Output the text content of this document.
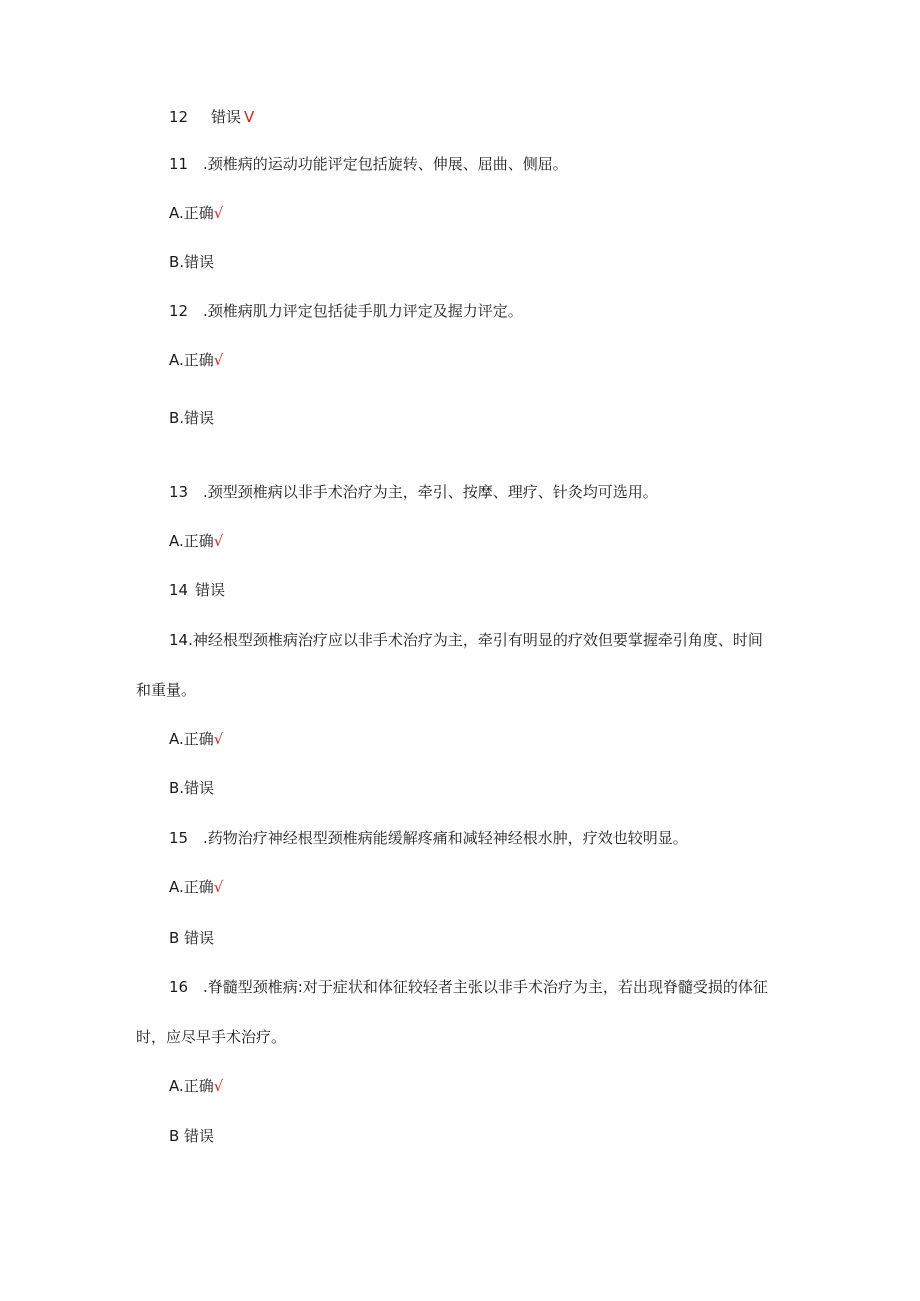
12 错误 V
11 .颈椎病的运动功能评定包括旋转、伸展、屈曲、侧屈。
A.正确√
B.错误
12 .颈椎病肌力评定包括徒手肌力评定及握力评定。
A.正确√
B.错误
13 .颈型颈椎病以非手术治疗为主，牵引、按摩、理疗、针灸均可选用。
A.正确√
14 错误
14.神经根型颈椎病治疗应以非手术治疗为主，牵引有明显的疗效但要掌握牵引角度、时间
和重量。
A.正确√
B.错误
15 .药物治疗神经根型颈椎病能缓解疼痛和减轻神经根水肿，疗效也较明显。
A.正确√
B 错误
16 .脊髓型颈椎病:对于症状和体征较轻者主张以非手术治疗为主，若出现脊髓受损的体征
时，应尽早手术治疗。
A.正确√
B 错误
